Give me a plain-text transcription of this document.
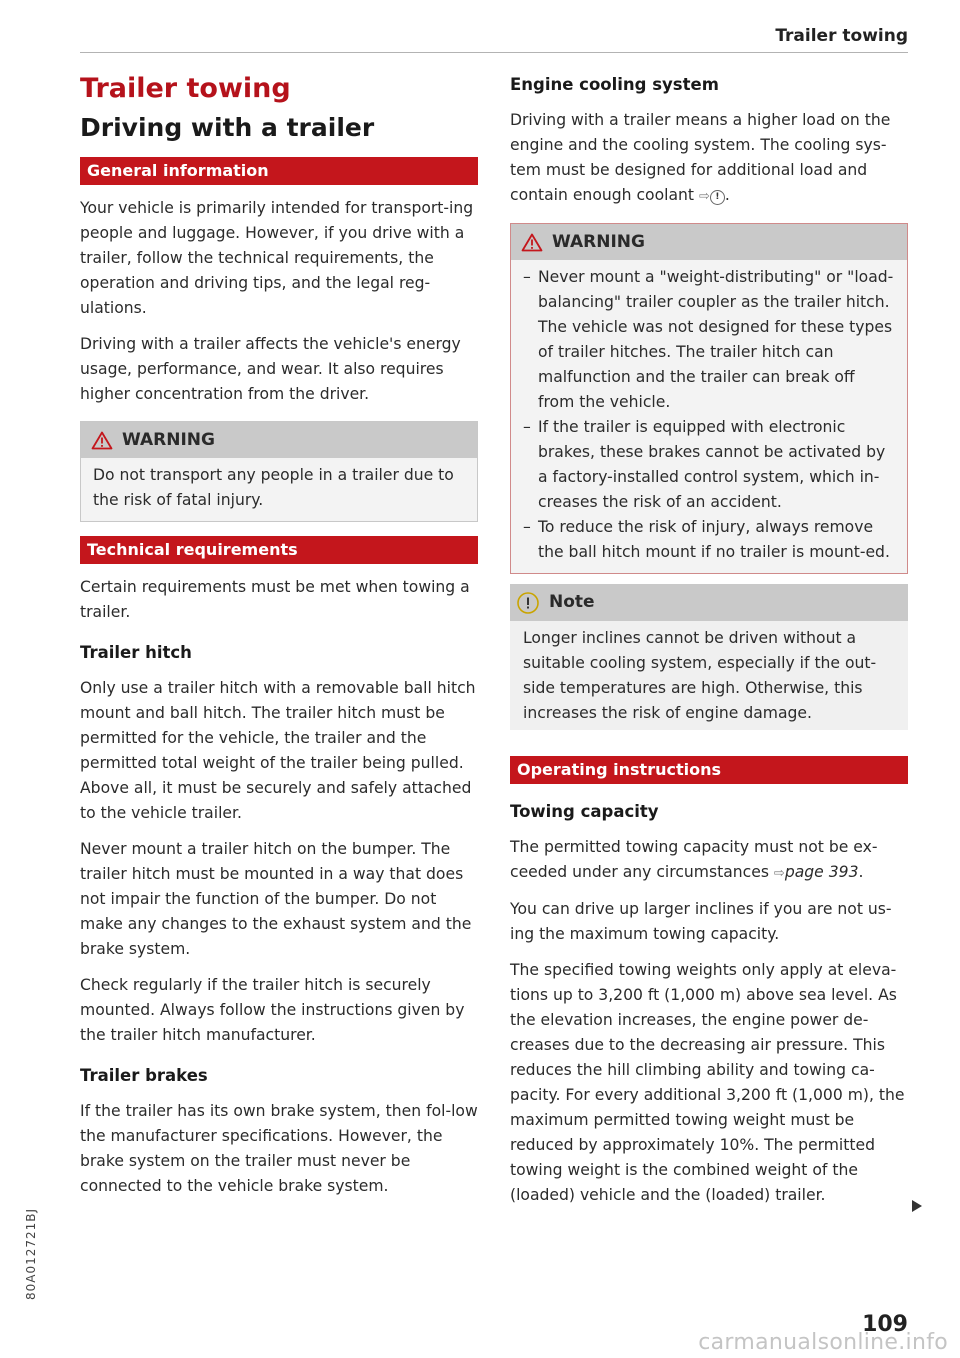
Trailer towing
Trailer towing
Driving with a trailer
General information

Your vehicle is primarily intended for transport-ing people and luggage. However, if you drive with a trailer, follow the technical requirements, the operation and driving tips, and the legal reg-ulations.

Driving with a trailer affects the vehicle's energy usage, performance, and wear. It also requires higher concentration from the driver.

WARNING

Do not transport any people in a trailer due to the risk of fatal injury.

Technical requirements

Certain requirements must be met when towing a trailer.

Trailer hitch

Only use a trailer hitch with a removable ball hitch mount and ball hitch. The trailer hitch must be permitted for the vehicle, the trailer and the permitted total weight of the trailer being pulled. Above all, it must be securely and safely attached to the vehicle trailer.

Never mount a trailer hitch on the bumper. The trailer hitch must be mounted in a way that does not impair the function of the bumper. Do not make any changes to the exhaust system and the brake system.

Check regularly if the trailer hitch is securely mounted. Always follow the instructions given by the trailer hitch manufacturer.

Trailer brakes

If the trailer has its own brake system, then fol-low the manufacturer specifications. However, the brake system on the trailer must never be connected to the vehicle brake system.

Engine cooling system

Driving with a trailer means a higher load on the engine and the cooling system. The cooling sys-tem must be designed for additional load and contain enough coolant ⇨ ! .

WARNING
– Never mount a "weight-distributing" or "load-balancing" trailer coupler as the trailer hitch. The vehicle was not designed for these types of trailer hitches. The trailer hitch can malfunction and the trailer can break off from the vehicle.
– If the trailer is equipped with electronic brakes, these brakes cannot be activated by a factory-installed control system, which in-creases the risk of an accident.
– To reduce the risk of injury, always remove the ball hitch mount if no trailer is mount-ed.
Note

Longer inclines cannot be driven without a suitable cooling system, especially if the out-side temperatures are high. Otherwise, this increases the risk of engine damage.

Operating instructions
Towing capacity

The permitted towing capacity must not be ex-ceeded under any circumstances ⇨page 393.

You can drive up larger inclines if you are not us-ing the maximum towing capacity.

The specified towing weights only apply at eleva-tions up to 3,200 ft (1,000 m) above sea level. As the elevation increases, the engine power de-creases due to the decreasing air pressure. This reduces the hill climbing ability and towing ca-pacity. For every additional 3,200 ft (1,000 m), the maximum permitted towing weight must be reduced by approximately 10%. The permitted towing weight is the combined weight of the (loaded) vehicle and the (loaded) trailer.

109
80A012721BJ
carmanualsonline.info
